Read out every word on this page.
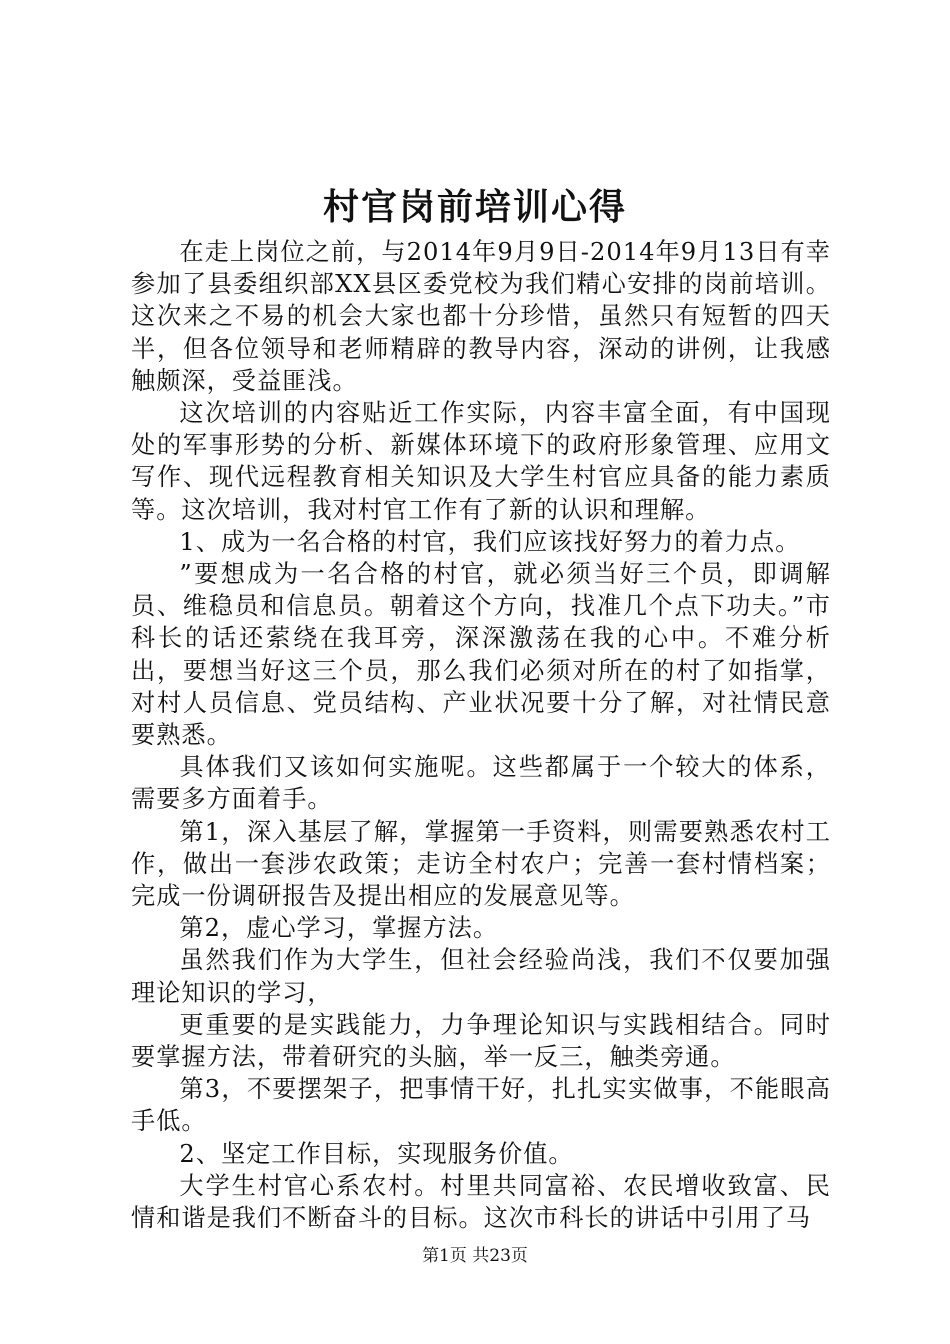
村官岗前培训心得

在走上岗位之前，与2014年9月9日-2014年9月13日有幸参加了县委组织部XX县区委党校为我们精心安排的岗前培训。这次来之不易的机会大家也都十分珍惜，虽然只有短暂的四天半，但各位领导和老师精辟的教导内容，深动的讲例，让我感触颇深，受益匪浅。

这次培训的内容贴近工作实际，内容丰富全面，有中国现处的军事形势的分析、新媒体环境下的政府形象管理、应用文写作、现代远程教育相关知识及大学生村官应具备的能力素质等。这次培训，我对村官工作有了新的认识和理解。

1、成为一名合格的村官，我们应该找好努力的着力点。

”要想成为一名合格的村官，就必须当好三个员，即调解员、维稳员和信息员。朝着这个方向，找准几个点下功夫。”市科长的话还萦绕在我耳旁，深深激荡在我的心中。不难分析出，要想当好这三个员，那么我们必须对所在的村了如指掌，对村人员信息、党员结构、产业状况要十分了解，对社情民意要熟悉。

具体我们又该如何实施呢。这些都属于一个较大的体系，需要多方面着手。

第1，深入基层了解，掌握第一手资料，则需要熟悉农村工作，做出一套涉农政策；走访全村农户；完善一套村情档案；完成一份调研报告及提出相应的发展意见等。

第2，虚心学习，掌握方法。

虽然我们作为大学生，但社会经验尚浅，我们不仅要加强理论知识的学习，

更重要的是实践能力，力争理论知识与实践相结合。同时要掌握方法，带着研究的头脑，举一反三，触类旁通。

第3，不要摆架子，把事情干好，扎扎实实做事，不能眼高手低。

2、坚定工作目标，实现服务价值。

大学生村官心系农村。村里共同富裕、农民增收致富、民情和谐是我们不断奋斗的目标。这次市科长的讲话中引用了马

第1页 共23页
